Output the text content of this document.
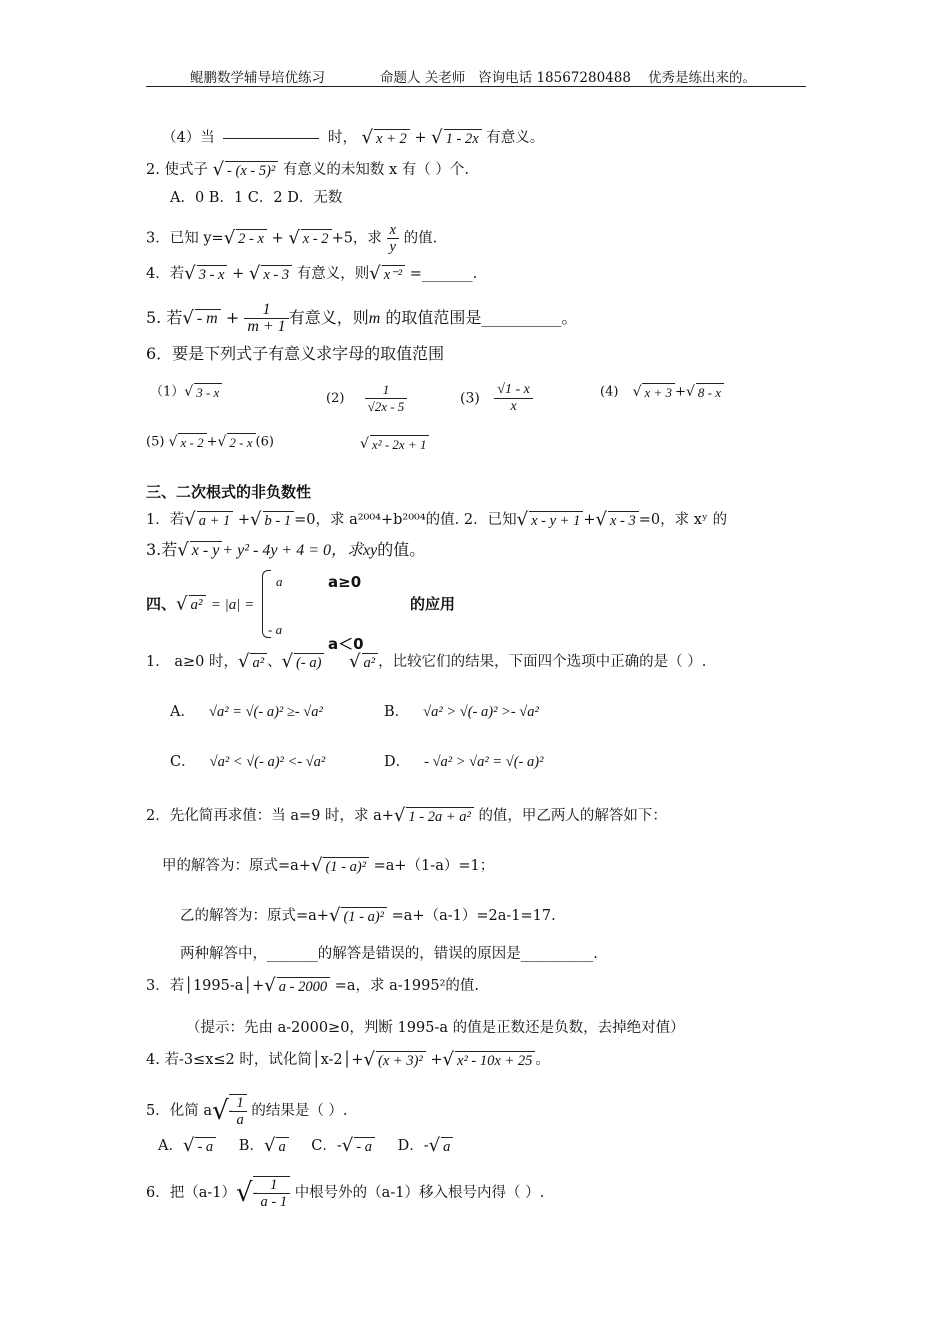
鲲鹏数学辅导培优练习

	命题人 关老师   咨询电话 18567280488

优秀是练出来的。

（4）当	时， √ x + 2 + √ 1 - 2x 有意义。
2. 使式子 √ - (x - 5)² 有意义的未知数 x 有（ ）个.
A．0 B．1 C．2 D．无数
3．已知 y=√ 2 - x + √ x - 2 +5，求 $\frac{x}{y}$ 的值.
4．若√ 3 - x + √ x - 3 有意义，则√ x⁻² =_______.
5. 若√ - $m + \frac{1}{m + 1}$ 有意义，则m 的取值范围是__________。
6．要是下列式子有意义求字母的取值范围
（1）√ 3 - x	$(2) \frac{1}{√2x - 5}$	$(3) \frac{√1 - x}{x}$	(4) √ x + 3 +√ 8 - x
(5) √ x - 2 +√ 2 - x (6)	√ x² - 2x + 1
三、二次根式的非负数性
1．若√ a + 1 +√ b - 1 =0，求 a²⁰⁰⁴+b²⁰⁰⁴的值. 2．已知√ x - y + 1 +√ x - 3 =0，求 xʸ 的
3.若√ x - y + y² - 4y + 4 = 0，求xy的值。
四、√ a² = |a| =
a	a≥0
- a
a＜0
的应用
1． a≥0 时，√ a² 、√ (- a) √ a² ，比较它们的结果，下面四个选项中正确的是（ ）.
A． √a² = √(- a)² ≥- √a²	B． √a² > √(- a)² >- √a²
C． √a² < √(- a)² <- √a²	D． - √a² > √a² = √(- a)²
2．先化简再求值：当 a=9 时，求 a+√ 1 - 2a + a² 的值，甲乙两人的解答如下：
甲的解答为：原式=a+√ (1 - a)² =a+（1-a）=1；
乙的解答为：原式=a+√ (1 - a)² =a+（a-1）=2a-1=17.
两种解答中，_______的解答是错误的，错误的原因是__________.
3．若│1995-a│+√ a - 2000 =a，求 a-1995²的值.
（提示：先由 a-2000≥0，判断 1995-a 的值是正数还是负数，去掉绝对值）
4. 若-3≤x≤2 时，试化简│x-2│+√ (x + 3)² +√ x² - 10x + 25 。
5．化简 $a√- \frac{1}{a}$ 的结果是（ ）.
A．√ - a B．√ a C．-√ - a D．-√ a
6．把$(a-1)√- \frac{1}{a - 1}$ 中根号外的（a-1）移入根号内得（ ）.
